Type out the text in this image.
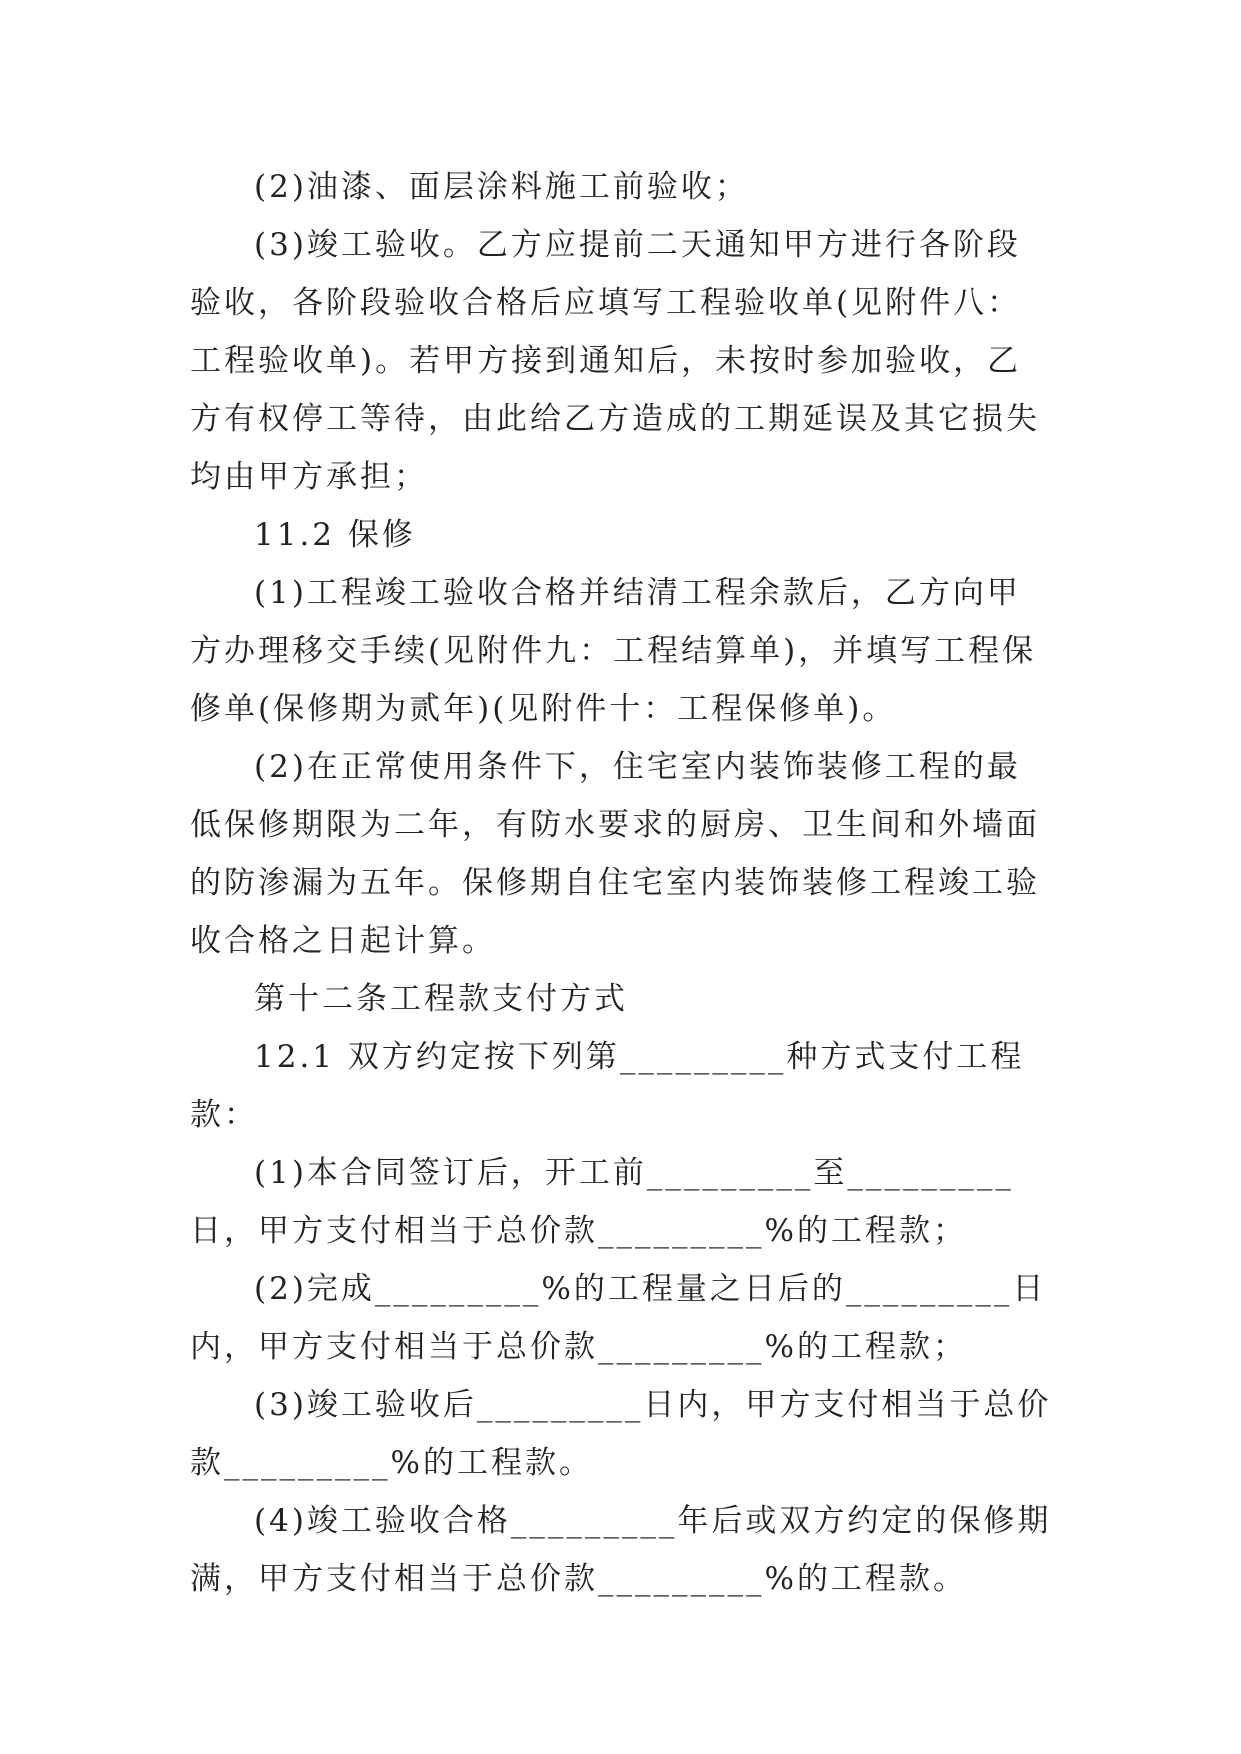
(2)油漆、面层涂料施工前验收；

(3)竣工验收。乙方应提前二天通知甲方进行各阶段验收，各阶段验收合格后应填写工程验收单(见附件八：工程验收单)。若甲方接到通知后，未按时参加验收，乙方有权停工等待，由此给乙方造成的工期延误及其它损失均由甲方承担；

11.2 保修

(1)工程竣工验收合格并结清工程余款后，乙方向甲方办理移交手续(见附件九：工程结算单)，并填写工程保修单(保修期为贰年)(见附件十：工程保修单)。

(2)在正常使用条件下，住宅室内装饰装修工程的最低保修期限为二年，有防水要求的厨房、卫生间和外墙面的防渗漏为五年。保修期自住宅室内装饰装修工程竣工验收合格之日起计算。

第十二条工程款支付方式

12.1 双方约定按下列第_________种方式支付工程款：

(1)本合同签订后，开工前_________至_________日，甲方支付相当于总价款_________%的工程款；

(2)完成_________%的工程量之日后的_________日内，甲方支付相当于总价款_________%的工程款；

(3)竣工验收后_________日内，甲方支付相当于总价款_________%的工程款。

(4)竣工验收合格_________年后或双方约定的保修期满，甲方支付相当于总价款_________%的工程款。
